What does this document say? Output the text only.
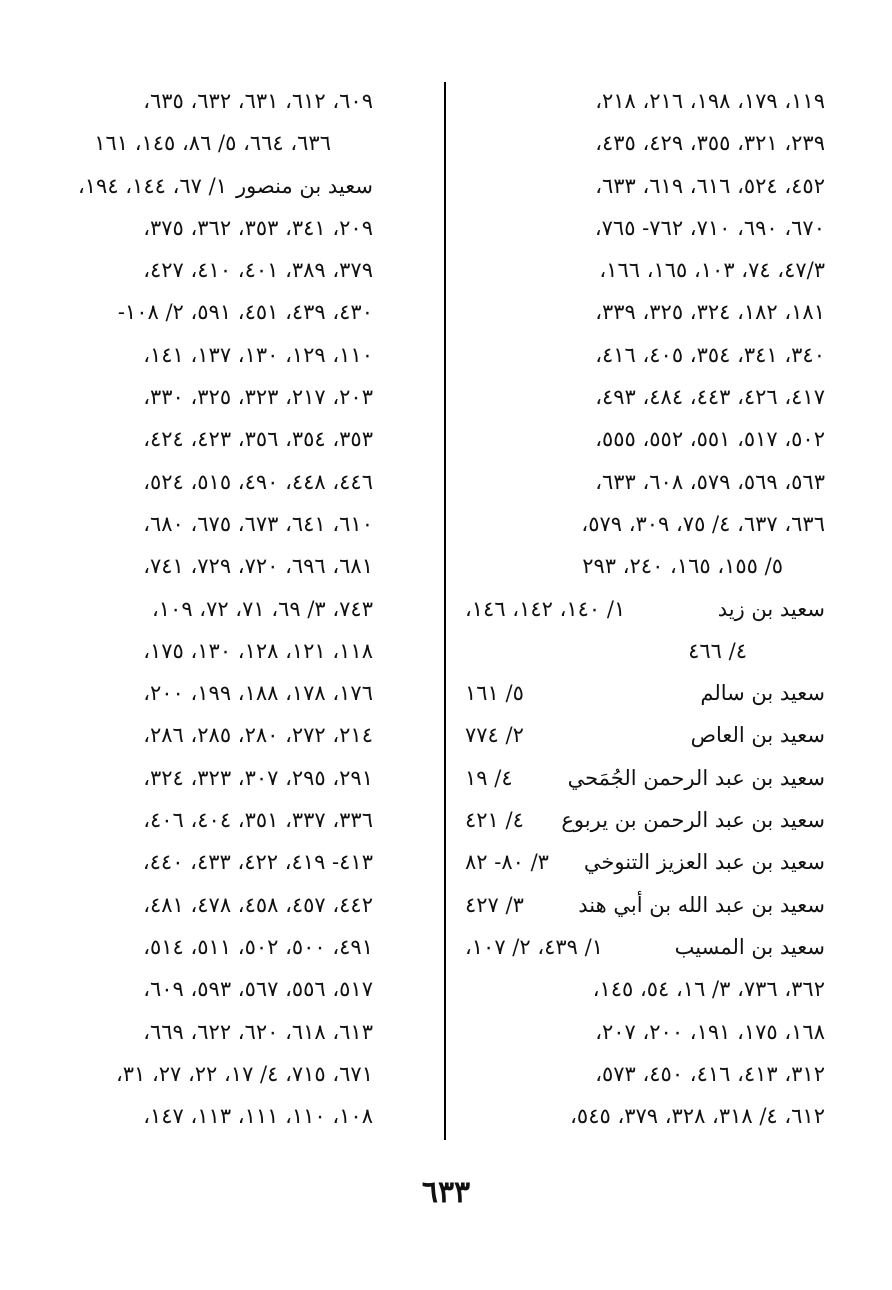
١١٩، ١٧٩، ١٩٨، ٢١٦، ٢١٨،
٢٣٩، ٣٢١، ٣٥٥، ٤٢٩، ٤٣٥،
٤٥٢، ٥٢٤، ٦١٦، ٦١٩، ٦٣٣،
٦٧٠، ٦٩٠، ٧١٠، ٧٦٢- ٧٦٥،
٤٧/٣، ٧٤، ١٠٣، ١٦٥، ١٦٦،
١٨١، ١٨٢، ٣٢٤، ٣٢٥، ٣٣٩،
٣٤٠، ٣٤١، ٣٥٤، ٤٠٥، ٤١٦،
٤١٧، ٤٢٦، ٤٤٣، ٤٨٤، ٤٩٣،
٥٠٢، ٥١٧، ٥٥١، ٥٥٢، ٥٥٥،
٥٦٣، ٥٦٩، ٥٧٩، ٦٠٨، ٦٣٣،
٦٣٦، ٦٣٧، ٤/ ٧٥، ٣٠٩، ٥٧٩،
٥/ ١٥٥، ١٦٥، ٢٤٠، ٢٩٣
سعيد بن زيد
١/ ١٤٠، ١٤٢، ١٤٦،
٤/ ٤٦٦
سعيد بن سالم
٥/ ١٦١
سعيد بن العاص
٢/ ٧٧٤
سعيد بن عبد الرحمن الجُمَحي
٤/ ١٩
سعيد بن عبد الرحمن بن يربوع
٤/ ٤٢١
سعيد بن عبد العزيز التنوخي
٣/ ٨٠- ٨٢
سعيد بن عبد الله بن أبي هند
٣/ ٤٢٧
سعيد بن المسيب
١/ ٤٣٩، ٢/ ١٠٧،
٣٦٢، ٧٣٦، ٣/ ١٦، ٥٤، ١٤٥،
١٦٨، ١٧٥، ١٩١، ٢٠٠، ٢٠٧،
٣١٢، ٤١٣، ٤١٦، ٤٥٠، ٥٧٣،
٦١٢، ٤/ ٣١٨، ٣٢٨، ٣٧٩، ٥٤٥،
٦٠٩، ٦١٢، ٦٣١، ٦٣٢، ٦٣٥،
٦٣٦، ٦٦٤، ٥/ ٨٦، ١٤٥، ١٦١
سعيد بن منصور
١/ ٦٧، ١٤٤، ١٩٤،
٢٠٩، ٣٤١، ٣٥٣، ٣٦٢، ٣٧٥،
٣٧٩، ٣٨٩، ٤٠١، ٤١٠، ٤٢٧،
٤٣٠، ٤٣٩، ٤٥١، ٥٩١، ٢/ ١٠٨-
١١٠، ١٢٩، ١٣٠، ١٣٧، ١٤١،
٢٠٣، ٢١٧، ٣٢٣، ٣٢٥، ٣٣٠،
٣٥٣، ٣٥٤، ٣٥٦، ٤٢٣، ٤٢٤،
٤٤٦، ٤٤٨، ٤٩٠، ٥١٥، ٥٢٤،
٦١٠، ٦٤١، ٦٧٣، ٦٧٥، ٦٨٠،
٦٨١، ٦٩٦، ٧٢٠، ٧٢٩، ٧٤١،
٧٤٣، ٣/ ٦٩، ٧١، ٧٢، ١٠٩،
١١٨، ١٢١، ١٢٨، ١٣٠، ١٧٥،
١٧٦، ١٧٨، ١٨٨، ١٩٩، ٢٠٠،
٢١٤، ٢٧٢، ٢٨٠، ٢٨٥، ٢٨٦،
٢٩١، ٢٩٥، ٣٠٧، ٣٢٣، ٣٢٤،
٣٣٦، ٣٣٧، ٣٥١، ٤٠٤، ٤٠٦،
٤١٣- ٤١٩، ٤٢٢، ٤٣٣، ٤٤٠،
٤٤٢، ٤٥٧، ٤٥٨، ٤٧٨، ٤٨١،
٤٩١، ٥٠٠، ٥٠٢، ٥١١، ٥١٤،
٥١٧، ٥٥٦، ٥٦٧، ٥٩٣، ٦٠٩،
٦١٣، ٦١٨، ٦٢٠، ٦٢٢، ٦٦٩،
٦٧١، ٧١٥، ٤/ ١٧، ٢٢، ٢٧، ٣١،
١٠٨، ١١٠، ١١١، ١١٣، ١٤٧،
٦٣٣
